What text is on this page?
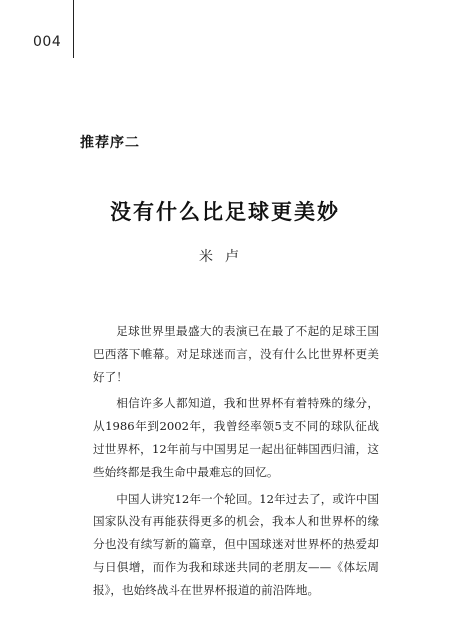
004
推荐序二
没有什么比足球更美妙
米卢

足球世界里最盛大的表演已在最了不起的足球王国巴西落下帷幕。对足球迷而言，没有什么比世界杯更美好了！

相信许多人都知道，我和世界杯有着特殊的缘分，从1986年到2002年，我曾经率领5支不同的球队征战过世界杯，12年前与中国男足一起出征韩国西归浦，这些始终都是我生命中最难忘的回忆。

中国人讲究12年一个轮回。12年过去了，或许中国国家队没有再能获得更多的机会，我本人和世界杯的缘分也没有续写新的篇章，但中国球迷对世界杯的热爱却与日俱增，而作为我和球迷共同的老朋友——《体坛周报》，也始终战斗在世界杯报道的前沿阵地。
